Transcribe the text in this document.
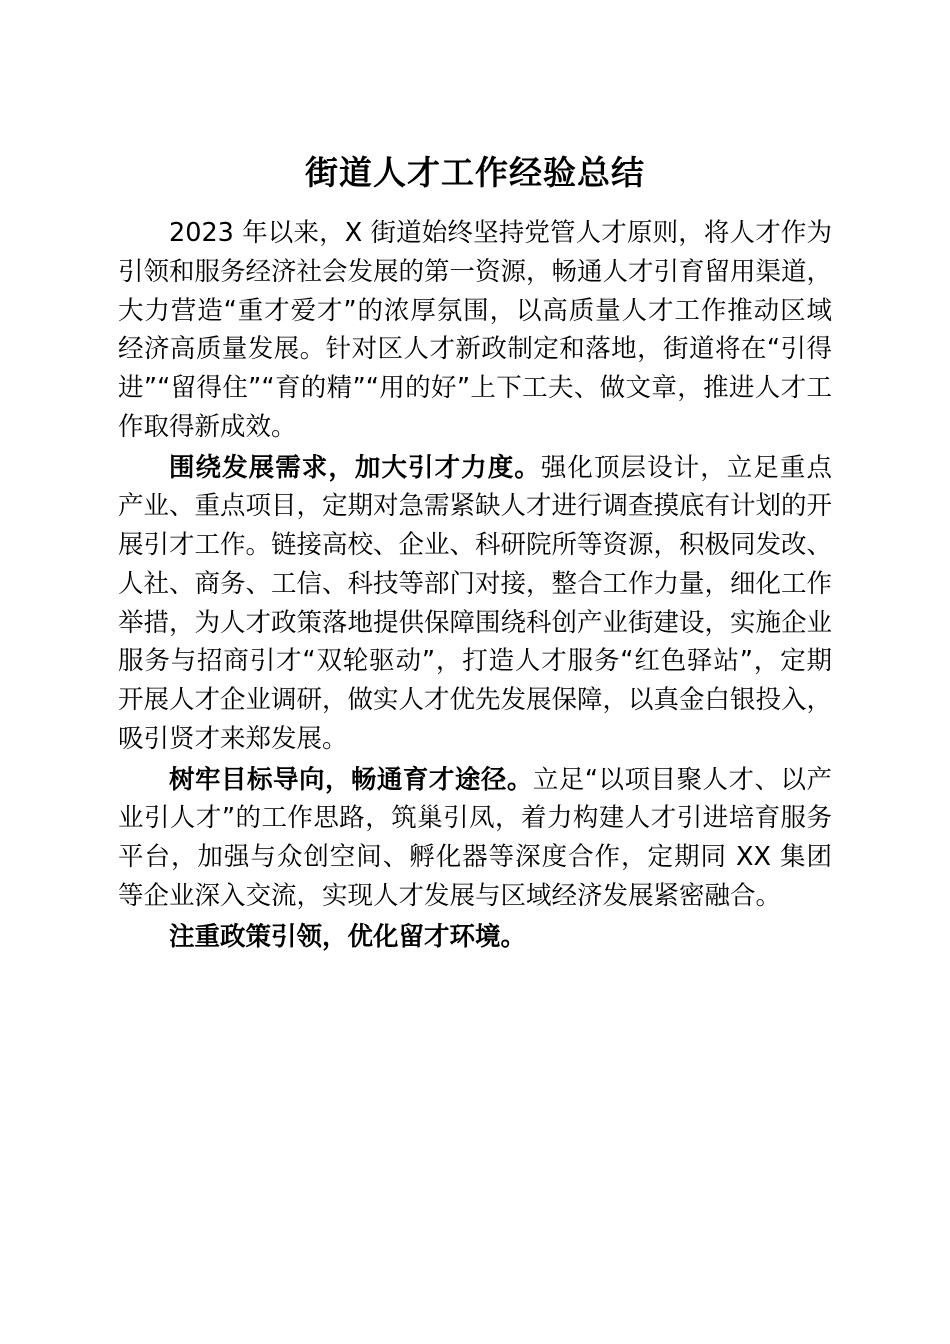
街道人才工作经验总结

2023 年以来，X 街道始终坚持党管人才原则，将人才作为引领和服务经济社会发展的第一资源，畅通人才引育留用渠道，大力营造“重才爱才”的浓厚氛围，以高质量人才工作推动区域经济高质量发展。针对区人才新政制定和落地，街道将在“引得进”“留得住”“育的精”“用的好”上下工夫、做文章，推进人才工作取得新成效。

围绕发展需求，加大引才力度。强化顶层设计，立足重点产业、重点项目，定期对急需紧缺人才进行调查摸底有计划的开展引才工作。链接高校、企业、科研院所等资源，积极同发改、人社、商务、工信、科技等部门对接，整合工作力量，细化工作举措，为人才政策落地提供保障围绕科创产业街建设，实施企业服务与招商引才“双轮驱动”，打造人才服务“红色驿站”，定期开展人才企业调研，做实人才优先发展保障，以真金白银投入，吸引贤才来郑发展。

树牢目标导向，畅通育才途径。立足“以项目聚人才、以产业引人才”的工作思路，筑巢引凤，着力构建人才引进培育服务平台，加强与众创空间、孵化器等深度合作，定期同 XX 集团等企业深入交流，实现人才发展与区域经济发展紧密融合。

注重政策引领，优化留才环境。
